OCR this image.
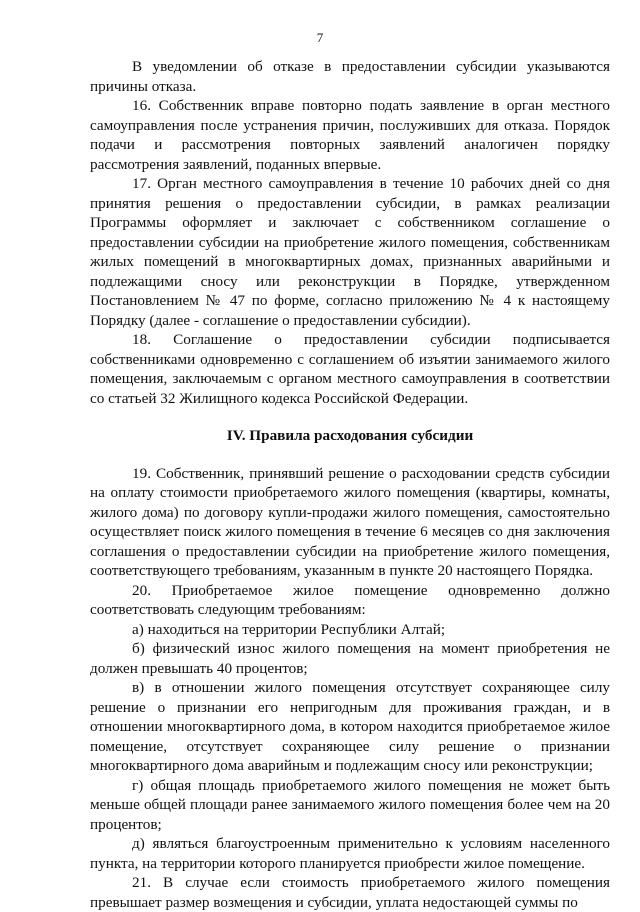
7

В уведомлении об отказе в предоставлении субсидии указываются причины отказа.

16. Собственник вправе повторно подать заявление в орган местного самоуправления после устранения причин, послуживших для отказа. Порядок подачи и рассмотрения повторных заявлений аналогичен порядку рассмотрения заявлений, поданных впервые.

17. Орган местного самоуправления в течение 10 рабочих дней со дня принятия решения о предоставлении субсидии, в рамках реализации Программы оформляет и заключает с собственником соглашение о предоставлении субсидии на приобретение жилого помещения, собственникам жилых помещений в многоквартирных домах, признанных аварийными и подлежащими сносу или реконструкции в Порядке, утвержденном Постановлением № 47 по форме, согласно приложению № 4 к настоящему Порядку (далее - соглашение о предоставлении субсидии).

18. Соглашение о предоставлении субсидии подписывается собственниками одновременно с соглашением об изъятии занимаемого жилого помещения, заключаемым с органом местного самоуправления в соответствии со статьей 32 Жилищного кодекса Российской Федерации.

IV. Правила расходования субсидии

19. Собственник, принявший решение о расходовании средств субсидии на оплату стоимости приобретаемого жилого помещения (квартиры, комнаты, жилого дома) по договору купли-продажи жилого помещения, самостоятельно осуществляет поиск жилого помещения в течение 6 месяцев со дня заключения соглашения о предоставлении субсидии на приобретение жилого помещения, соответствующего требованиям, указанным в пункте 20 настоящего Порядка.

20. Приобретаемое жилое помещение одновременно должно соответствовать следующим требованиям:

а) находиться на территории Республики Алтай;

б) физический износ жилого помещения на момент приобретения не должен превышать 40 процентов;

в) в отношении жилого помещения отсутствует сохраняющее силу решение о признании его непригодным для проживания граждан, и в отношении многоквартирного дома, в котором находится приобретаемое жилое помещение, отсутствует сохраняющее силу решение о признании многоквартирного дома аварийным и подлежащим сносу или реконструкции;

г) общая площадь приобретаемого жилого помещения не может быть меньше общей площади ранее занимаемого жилого помещения более чем на 20 процентов;

д) являться благоустроенным применительно к условиям населенного пункта, на территории которого планируется приобрести жилое помещение.

21. В случае если стоимость приобретаемого жилого помещения превышает размер возмещения и субсидии, уплата недостающей суммы по
